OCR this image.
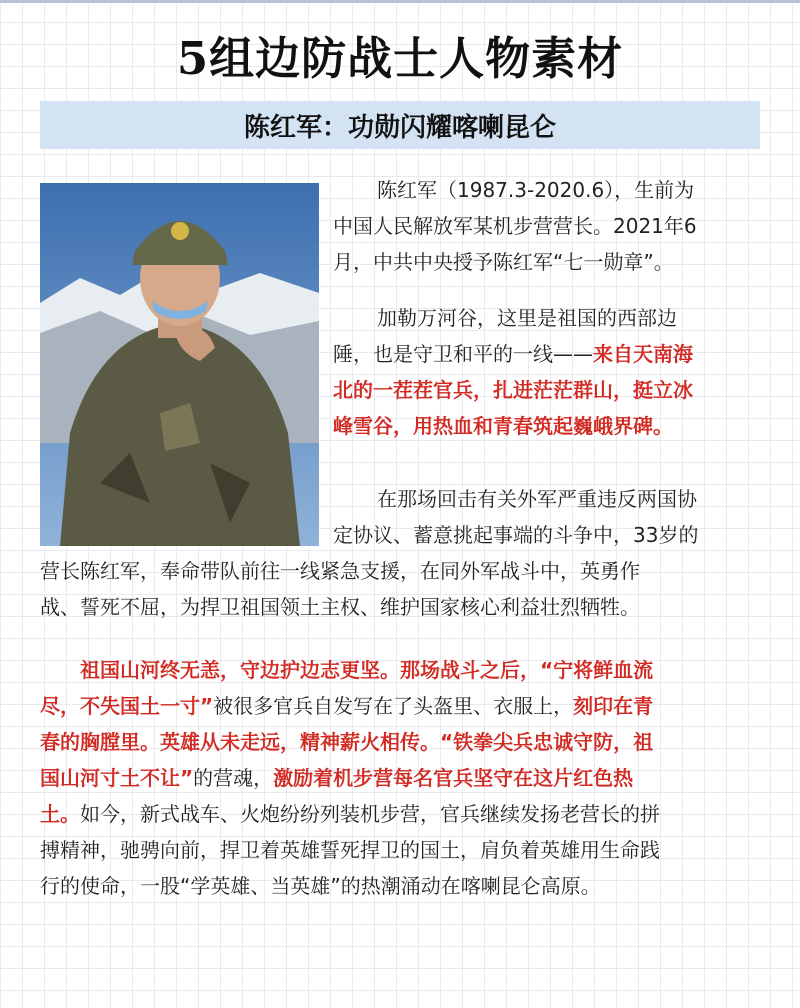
5组边防战士人物素材
陈红军：功勋闪耀喀喇昆仑

陈红军（1987.3-2020.6），生前为
中国人民解放军某机步营营长。2021年6
月，中共中央授予陈红军“七一勋章”。

加勒万河谷，这里是祖国的西部边
陲，也是守卫和平的一线——来自天南海
北的一茬茬官兵，扎进茫茫群山，挺立冰
峰雪谷，用热血和青春筑起巍峨界碑。

在那场回击有关外军严重违反两国协
定协议、蓄意挑起事端的斗争中，33岁的

营长陈红军，奉命带队前往一线紧急支援，在同外军战斗中，英勇作
战、誓死不屈，为捍卫祖国领土主权、维护国家核心利益壮烈牺牲。

祖国山河终无恙，守边护边志更坚。那场战斗之后，“宁将鲜血流
尽，不失国土一寸”被很多官兵自发写在了头盔里、衣服上，刻印在青
春的胸膛里。英雄从未走远，精神薪火相传。“铁拳尖兵忠诚守防，祖
国山河寸土不让”的营魂，激励着机步营每名官兵坚守在这片红色热
土。如今，新式战车、火炮纷纷列装机步营，官兵继续发扬老营长的拼
搏精神，驰骋向前，捍卫着英雄誓死捍卫的国土，肩负着英雄用生命践
行的使命，一股“学英雄、当英雄”的热潮涌动在喀喇昆仑高原。
